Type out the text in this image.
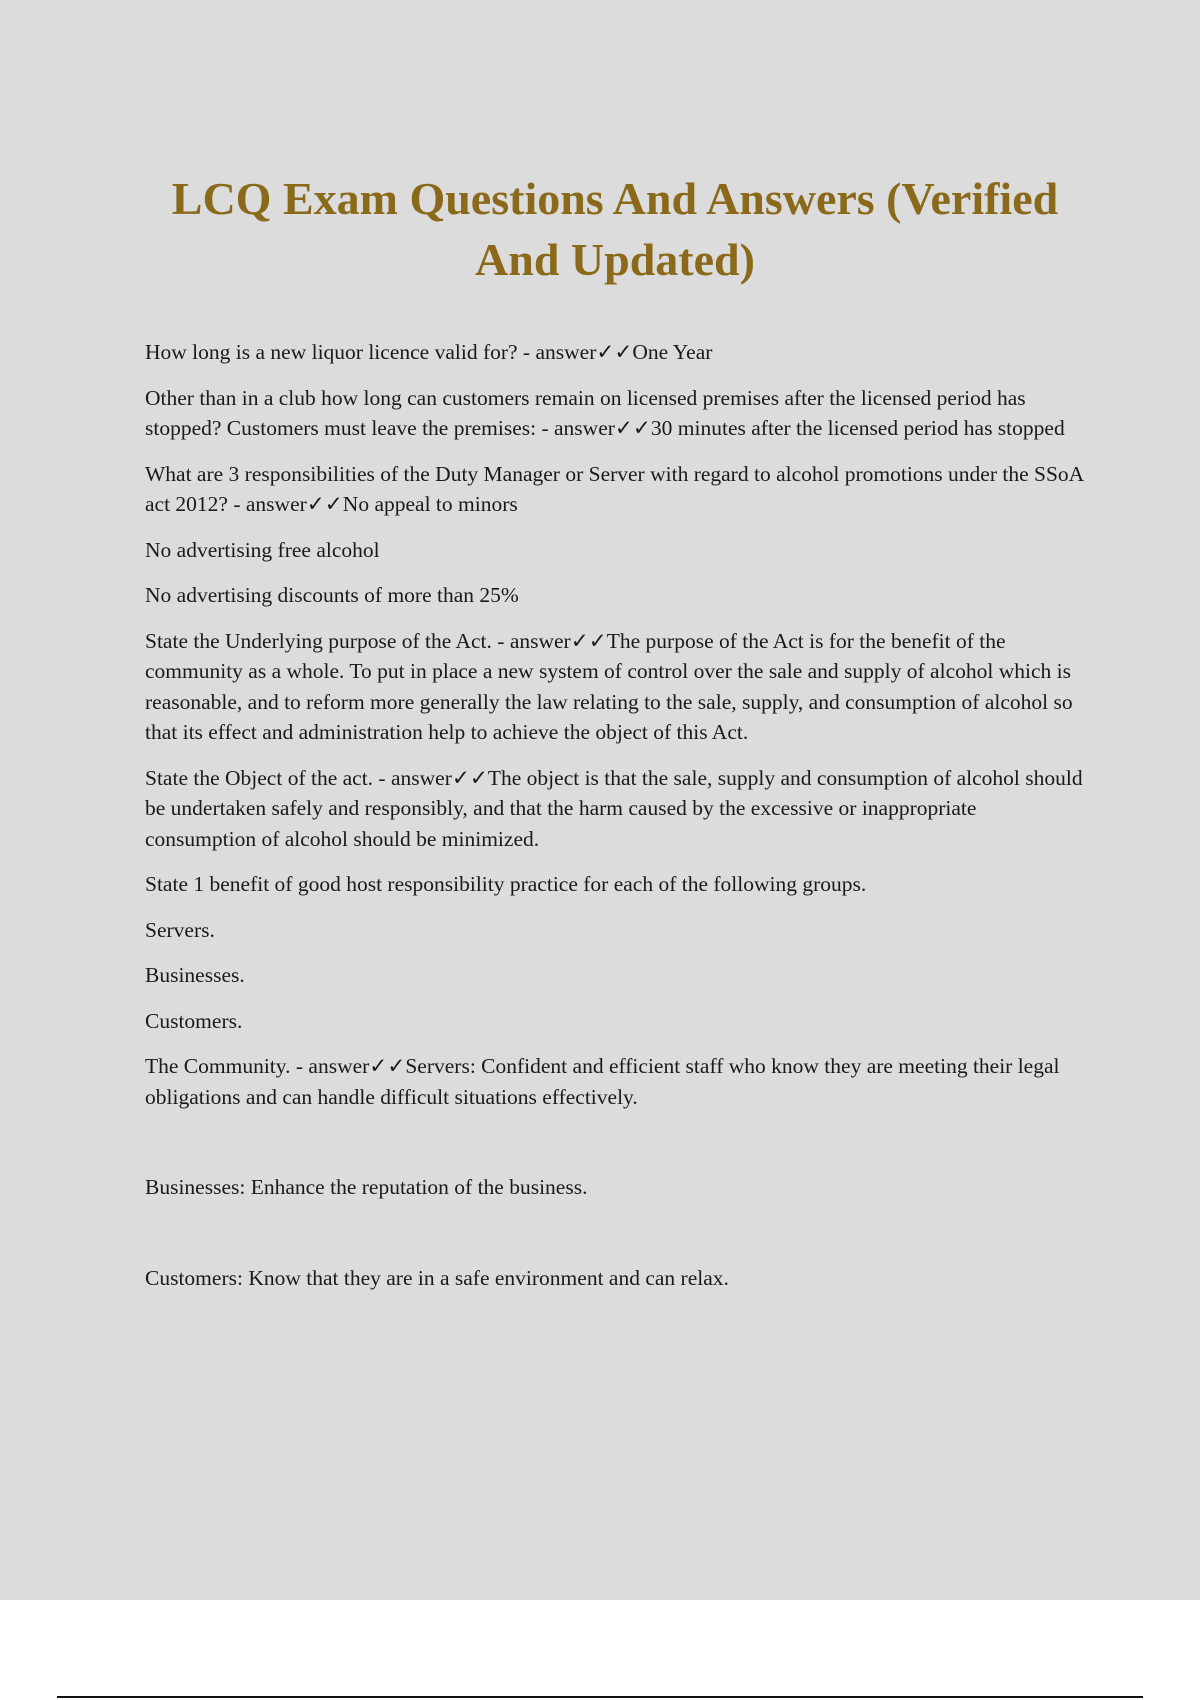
LCQ Exam Questions And Answers (Verified And Updated)

How long is a new liquor licence valid for? - answer✓✓One Year

Other than in a club how long can customers remain on licensed premises after the licensed period has stopped? Customers must leave the premises: - answer✓✓30 minutes after the licensed period has stopped

What are 3 responsibilities of the Duty Manager or Server with regard to alcohol promotions under the SSoA act 2012? - answer✓✓No appeal to minors

No advertising free alcohol

No advertising discounts of more than 25%

State the Underlying purpose of the Act. - answer✓✓The purpose of the Act is for the benefit of the community as a whole. To put in place a new system of control over the sale and supply of alcohol which is reasonable, and to reform more generally the law relating to the sale, supply, and consumption of alcohol so that its effect and administration help to achieve the object of this Act.

State the Object of the act. - answer✓✓The object is that the sale, supply and consumption of alcohol should be undertaken safely and responsibly, and that the harm caused by the excessive or inappropriate consumption of alcohol should be minimized.

State 1 benefit of good host responsibility practice for each of the following groups.

Servers.

Businesses.

Customers.

The Community. - answer✓✓Servers: Confident and efficient staff who know they are meeting their legal obligations and can handle difficult situations effectively.

Businesses: Enhance the reputation of the business.

Customers: Know that they are in a safe environment and can relax.
